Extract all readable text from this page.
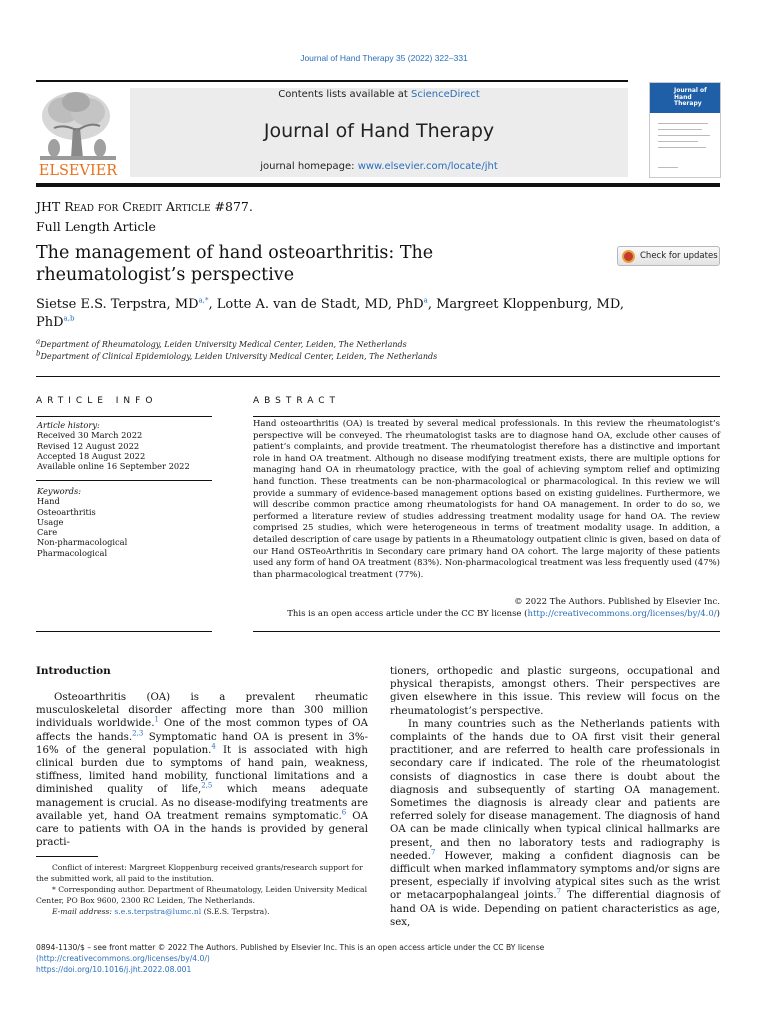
Journal of Hand Therapy 35 (2022) 322–331
ELSEVIER
Contents lists available at ScienceDirect
Journal of Hand Therapy
journal homepage: www.elsevier.com/locate/jht
Journal of Hand Therapy
JHT Read for Credit Article #877.
Full Length Article
The management of hand osteoarthritis: The rheumatologist’s perspective
Check for updates
Sietse E.S. Terpstra, $MD^{a,*}$, Lotte A. van de Stadt, MD, PhD$^a$, Margreet Kloppenburg, MD, PhD$^{a,b}$
aDepartment of Rheumatology, Leiden University Medical Center, Leiden, The Netherlands
bDepartment of Clinical Epidemiology, Leiden University Medical Center, Leiden, The Netherlands
ARTICLE INFO	ABSTRACT
Article history:
Received 30 March 2022
Revised 12 August 2022
Accepted 18 August 2022
Available online 16 September 2022
Keywords:
Hand
Osteoarthritis
Usage
Care
Non-pharmacological
Pharmacological
Hand osteoarthritis (OA) is treated by several medical professionals. In this review the rheumatologist’s perspective will be conveyed. The rheumatologist tasks are to diagnose hand OA, exclude other causes of patient’s complaints, and provide treatment. The rheumatologist therefore has a distinctive and important role in hand OA treatment. Although no disease modifying treatment exists, there are multiple options for managing hand OA in rheumatology practice, with the goal of achieving symptom relief and optimizing hand function. These treatments can be non-pharmacological or pharmacological. In this review we will provide a summary of evidence-based management options based on existing guidelines. Furthermore, we will describe common practice among rheumatologists for hand OA management. In order to do so, we performed a literature review of studies addressing treatment modality usage for hand OA. The review comprised 25 studies, which were heterogeneous in terms of treatment modality usage. In addition, a detailed description of care usage by patients in a Rheumatology outpatient clinic is given, based on data of our Hand OSTeoArthritis in Secondary care primary hand OA cohort. The large majority of these patients used any form of hand OA treatment (83%). Non-pharmacological treatment was less frequently used (47%) than pharmacological treatment (77%).
© 2022 The Authors. Published by Elsevier Inc.
This is an open access article under the CC BY license (http://creativecommons.org/licenses/by/4.0/)
Introduction
Osteoarthritis (OA) is a prevalent rheumatic musculoskeletal disorder affecting more than 300 million individuals worldwide.$^1$ One of the most common types of OA affects the hands.$^{2,3}$ Symptomatic hand OA is present in 3%- 16% of the general population.$^4$ It is associated with high clinical burden due to symptoms of hand pain, weakness, stiffness, limited hand mobility, functional limitations and a diminished quality of life,$^{2,5}$ which means adequate management is crucial. As no disease-modifying treatments are available yet, hand OA treatment remains symptomatic.$^6$ OA care to patients with OA in the hands is provided by general practi-
tioners, orthopedic and plastic surgeons, occupational and physical therapists, amongst others. Their perspectives are given elsewhere in this issue. This review will focus on the rheumatologist’s perspective.
In many countries such as the Netherlands patients with complaints of the hands due to OA first visit their general practitioner, and are referred to health care professionals in secondary care if indicated. The role of the rheumatologist consists of diagnostics in case there is doubt about the diagnosis and subsequently of starting OA management. Sometimes the diagnosis is already clear and patients are referred solely for disease management. The diagnosis of hand OA can be made clinically when typical clinical hallmarks are present, and then no laboratory tests and radiography is needed.$^7$ However, making a confident diagnosis can be difficult when marked inflammatory symptoms and/or signs are present, especially if involving atypical sites such as the wrist or metacarpophalangeal joints.$^7$ The differential diagnosis of hand OA is wide. Depending on patient characteristics as age, sex,
Conflict of interest: Margreet Kloppenburg received grants/research support for the submitted work, all paid to the institution.
* Corresponding author. Department of Rheumatology, Leiden University Medical Center, PO Box 9600, 2300 RC Leiden, The Netherlands.
E-mail address: s.e.s.terpstra@lumc.nl (S.E.S. Terpstra).
0894-1130/$ – see front matter © 2022 The Authors. Published by Elsevier Inc. This is an open access article under the CC BY license
(http://creativecommons.org/licenses/by/4.0/)
https://doi.org/10.1016/j.jht.2022.08.001
